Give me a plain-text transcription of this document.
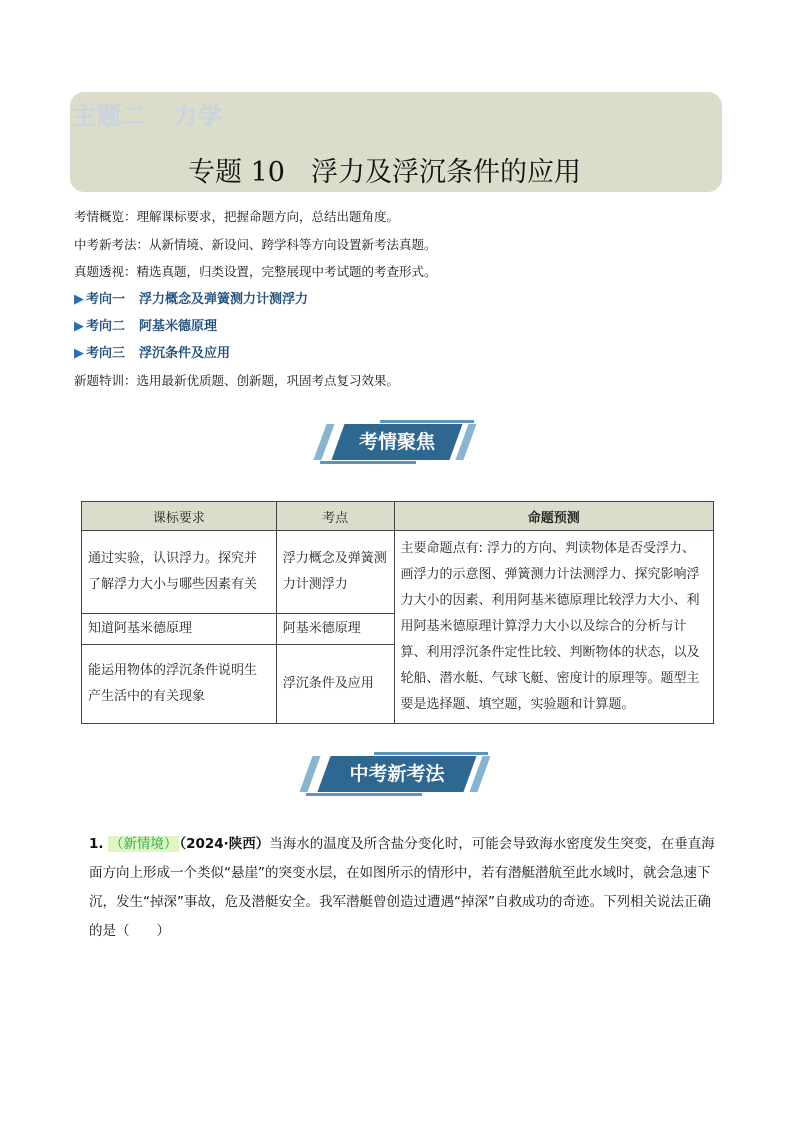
主题二 力学
专题 10 浮力及浮沉条件的应用
考情概览：理解课标要求，把握命题方向，总结出题角度。
中考新考法：从新情境、新设问、跨学科等方向设置新考法真题。
真题透视：精选真题，归类设置，完整展现中考试题的考查形式。
▶ 考向一 浮力概念及弹簧测力计测浮力
▶ 考向二 阿基米德原理
▶ 考向三 浮沉条件及应用
新题特训：选用最新优质题、创新题，巩固考点复习效果。
考情聚焦
课标要求	考点	命题预测
通过实验，认识浮力。探究并了解浮力大小与哪些因素有关	浮力概念及弹簧测力计测浮力	主要命题点有: 浮力的方向、判读物体是否受浮力、画浮力的示意图、弹簧测力计法测浮力、探究影响浮力大小的因素、利用阿基米德原理比较浮力大小、利用阿基米德原理计算浮力大小以及综合的分析与计算、利用浮沉条件定性比较、判断物体的状态，以及轮船、潜水艇、气球飞艇、密度计的原理等。题型主要是选择题、填空题，实验题和计算题。
知道阿基米德原理	阿基米德原理	
能运用物体的浮沉条件说明生产生活中的有关现象	浮沉条件及应用	
中考新考法
1. （新情境） （2024·陕西）当海水的温度及所含盐分变化时，可能会导致海水密度发生突变，在垂直海面方向上形成一个类似“悬崖”的突变水层，在如图所示的情形中，若有潜艇潜航至此水域时，就会急速下沉，发生“掉深”事故，危及潜艇安全。我军潜艇曾创造过遭遇“掉深”自救成功的奇迹。下列相关说法正确的是（　　）
